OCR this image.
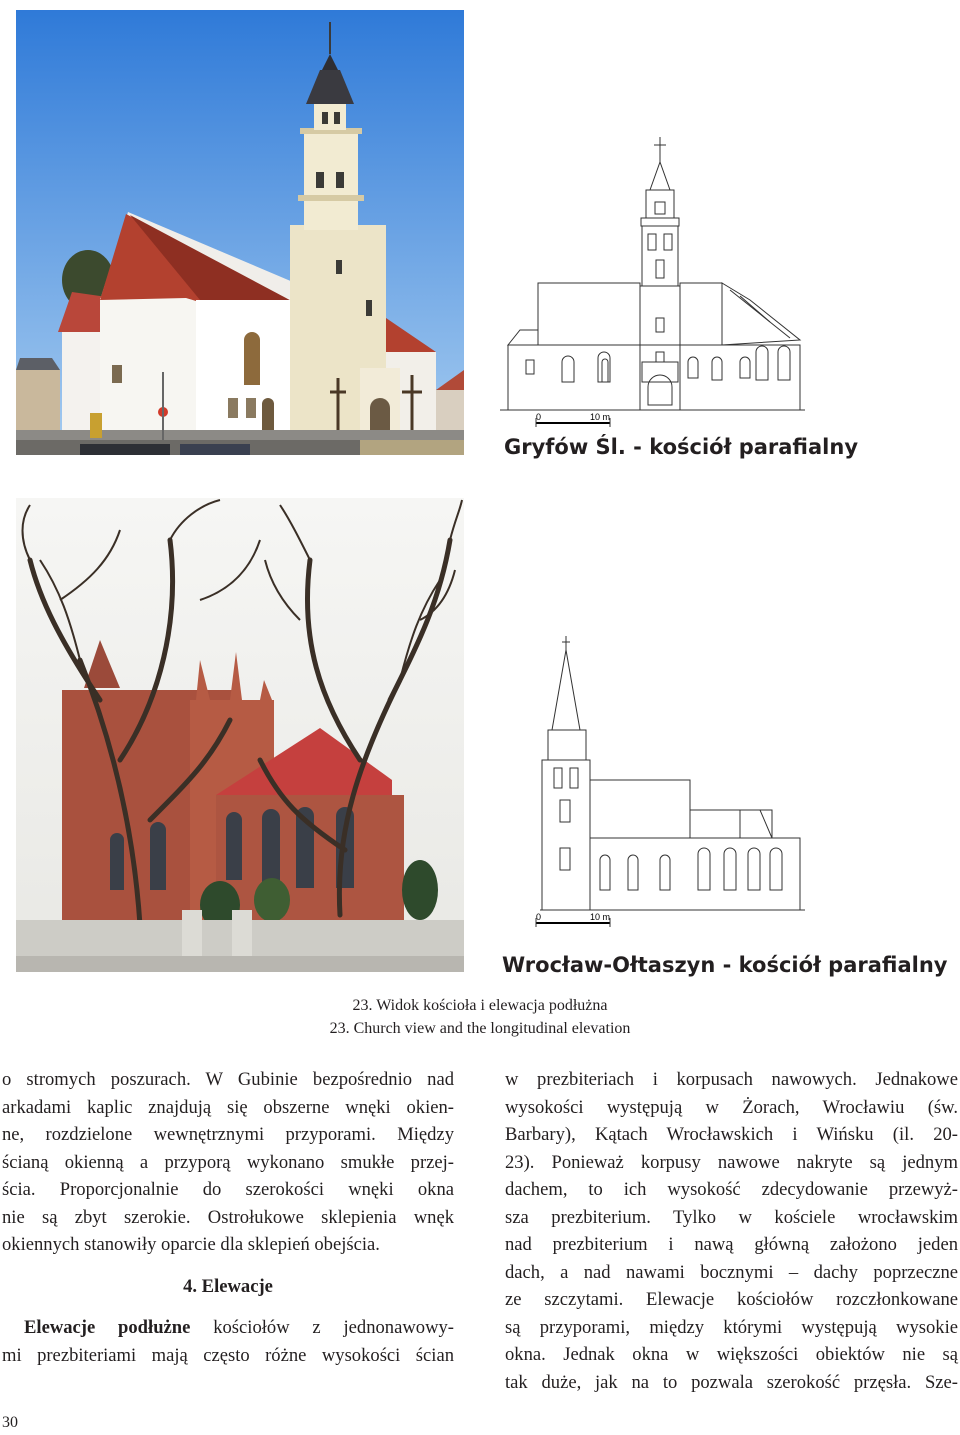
0	10 m
Gryfów Śl. - kościół parafialny
0	10 m
Wrocław-Ołtaszyn - kościół parafialny
23. Widok kościoła i elewacja podłużna
23. Church view and the longitudinal elevation
o stromych poszurach. W Gubinie bezpośrednio nad
arkadami kaplic znajdują się obszerne wnęki okien-
ne, rozdzielone wewnętrznymi przyporami. Między
ścianą okienną a przyporą wykonano smukłe przej-
ścia. Proporcjonalnie do szerokości wnęki okna
nie są zbyt szerokie. Ostrołukowe sklepienia wnęk
okiennych stanowiły oparcie dla sklepień obejścia.
4. Elewacje
Elewacje podłużne kościołów z jednonawowy-
mi prezbiteriami mają często różne wysokości ścian
w prezbiteriach i korpusach nawowych. Jednakowe
wysokości występują w Żorach, Wrocławiu (św.
Barbary), Kątach Wrocławskich i Wińsku (il. 20-
23). Ponieważ korpusy nawowe nakryte są jednym
dachem, to ich wysokość zdecydowanie przewyż-
sza prezbiterium. Tylko w kościele wrocławskim
nad prezbiterium i nawą główną założono jeden
dach, a nad nawami bocznymi – dachy poprzeczne
ze szczytami. Elewacje kościołów rozczłonkowane
są przyporami, między którymi występują wysokie
okna. Jednak okna w większości obiektów nie są
tak duże, jak na to pozwala szerokość przęsła. Sze-
30
